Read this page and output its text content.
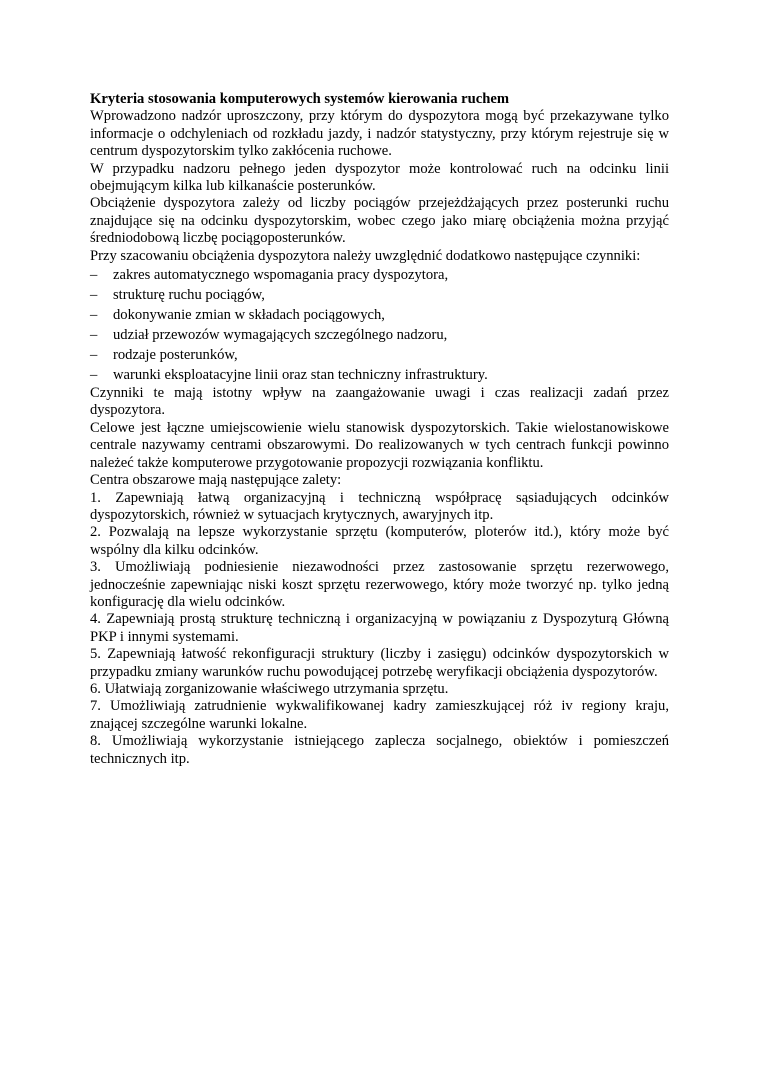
Kryteria stosowania komputerowych systemów kierowania ruchem

Wprowadzono nadzór uproszczony, przy którym do dyspozytora mogą być przekazywane tylko informacje o odchyleniach od rozkładu jazdy, i nadzór statystyczny, przy którym rejestruje się w centrum dyspozytorskim tylko zakłócenia ruchowe.

W przypadku nadzoru pełnego jeden dyspozytor może kontrolować ruch na odcinku linii obejmującym kilka lub kilkanaście posterunków.

Obciążenie dyspozytora zależy od liczby pociągów przejeżdżających przez posterunki ruchu znajdujące się na odcinku dyspozytorskim, wobec czego jako miarę obciążenia można przyjąć średniodobową liczbę pociągoposterunków.

Przy szacowaniu obciążenia dyspozytora należy uwzględnić dodatkowo następujące czynniki:

– zakres automatycznego wspomagania pracy dyspozytora,
– strukturę ruchu pociągów,
– dokonywanie zmian w składach pociągowych,
– udział przewozów wymagających szczególnego nadzoru,
– rodzaje posterunków,
– warunki eksploatacyjne linii oraz stan techniczny infrastruktury.

Czynniki te mają istotny wpływ na zaangażowanie uwagi i czas realizacji zadań przez dyspozytora.

Celowe jest łączne umiejscowienie wielu stanowisk dyspozytorskich. Takie wielostanowiskowe centrale nazywamy centrami obszarowymi. Do realizowanych w tych centrach funkcji powinno należeć także komputerowe przygotowanie propozycji rozwiązania konfliktu.

Centra obszarowe mają następujące zalety:

1. Zapewniają łatwą organizacyjną i techniczną współpracę sąsiadujących odcinków dyspozytorskich, również w sytuacjach krytycznych, awaryjnych itp.
2. Pozwalają na lepsze wykorzystanie sprzętu (komputerów, ploterów itd.), który może być wspólny dla kilku odcinków.
3. Umożliwiają podniesienie niezawodności przez zastosowanie sprzętu rezerwowego, jednocześnie zapewniając niski koszt sprzętu rezerwowego, który może tworzyć np. tylko jedną konfigurację dla wielu odcinków.
4. Zapewniają prostą strukturę techniczną i organizacyjną w powiązaniu z Dyspozyturą Główną PKP i innymi systemami.
5. Zapewniają łatwość rekonfiguracji struktury (liczby i zasięgu) odcinków dyspozytorskich w przypadku zmiany warunków ruchu powodującej potrzebę weryfikacji obciążenia dyspozytorów.
6. Ułatwiają zorganizowanie właściwego utrzymania sprzętu.
7. Umożliwiają zatrudnienie wykwalifikowanej kadry zamieszkującej róż iv regiony kraju, znającej szczególne warunki lokalne.
8. Umożliwiają wykorzystanie istniejącego zaplecza socjalnego, obiektów i pomieszczeń technicznych itp.
